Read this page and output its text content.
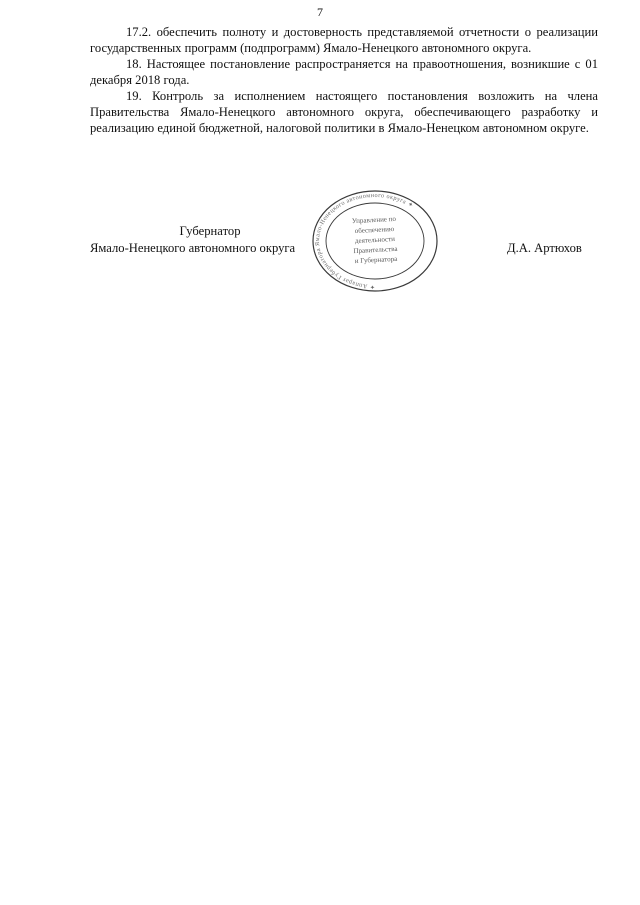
7

17.2. обеспечить полноту и достоверность представляемой отчетности о реализации государственных программ (подпрограмм) Ямало-Ненецкого автономного округа.

18. Настоящее постановление распространяется на правоотношения, возникшие с 01 декабря 2018 года.

19. Контроль за исполнением настоящего постановления возложить на члена Правительства Ямало-Ненецкого автономного округа, обеспечивающего разработку и реализацию единой бюджетной, налоговой политики в Ямало-Ненецком автономном округе.

Губернатор
Ямало-Ненецкого автономного округа	Д.А. Артюхов
✦ Аппарат Губернатора Ямало-Ненецкого автономного округа ✦
Управление по
обеспечению
деятельности
Правительства
и Губернатора
